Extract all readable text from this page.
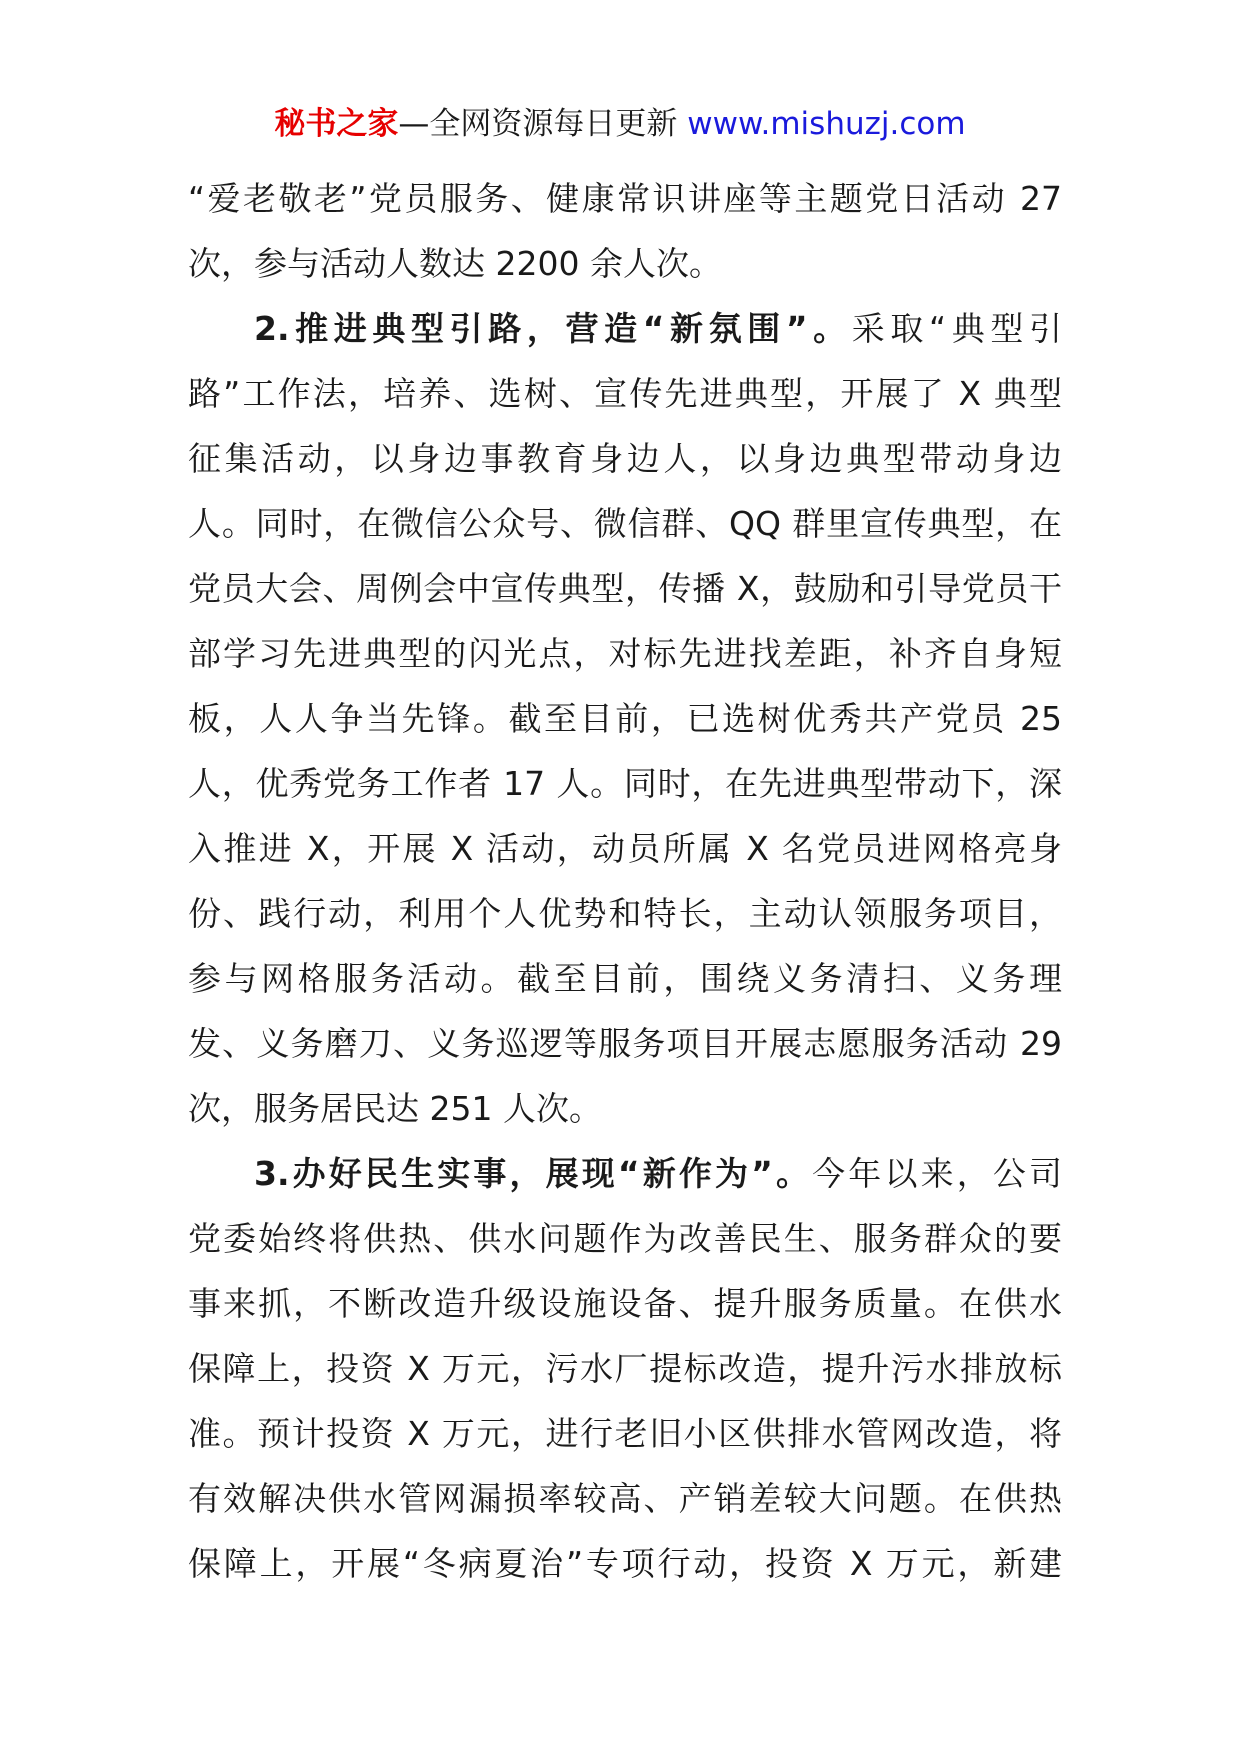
秘书之家—全网资源每日更新 www.mishuzj.com
“爱老敬老”党员服务、健康常识讲座等主题党日活动 27
次，参与活动人数达 2200 余人次。
2.推进典型引路，营造“新氛围”。采取“典型引
路”工作法，培养、选树、宣传先进典型，开展了 X 典型
征集活动，以身边事教育身边人，以身边典型带动身边
人。同时，在微信公众号、微信群、QQ 群里宣传典型，在
党员大会、周例会中宣传典型，传播 X，鼓励和引导党员干
部学习先进典型的闪光点，对标先进找差距，补齐自身短
板，人人争当先锋。截至目前，已选树优秀共产党员 25
人，优秀党务工作者 17 人。同时，在先进典型带动下，深
入推进 X，开展 X 活动，动员所属 X 名党员进网格亮身
份、践行动，利用个人优势和特长，主动认领服务项目，
参与网格服务活动。截至目前，围绕义务清扫、义务理
发、义务磨刀、义务巡逻等服务项目开展志愿服务活动 29
次，服务居民达 251 人次。
3.办好民生实事，展现“新作为”。今年以来，公司
党委始终将供热、供水问题作为改善民生、服务群众的要
事来抓，不断改造升级设施设备、提升服务质量。在供水
保障上，投资 X 万元，污水厂提标改造，提升污水排放标
准。预计投资 X 万元，进行老旧小区供排水管网改造，将
有效解决供水管网漏损率较高、产销差较大问题。在供热
保障上，开展“冬病夏治”专项行动，投资 X 万元，新建
